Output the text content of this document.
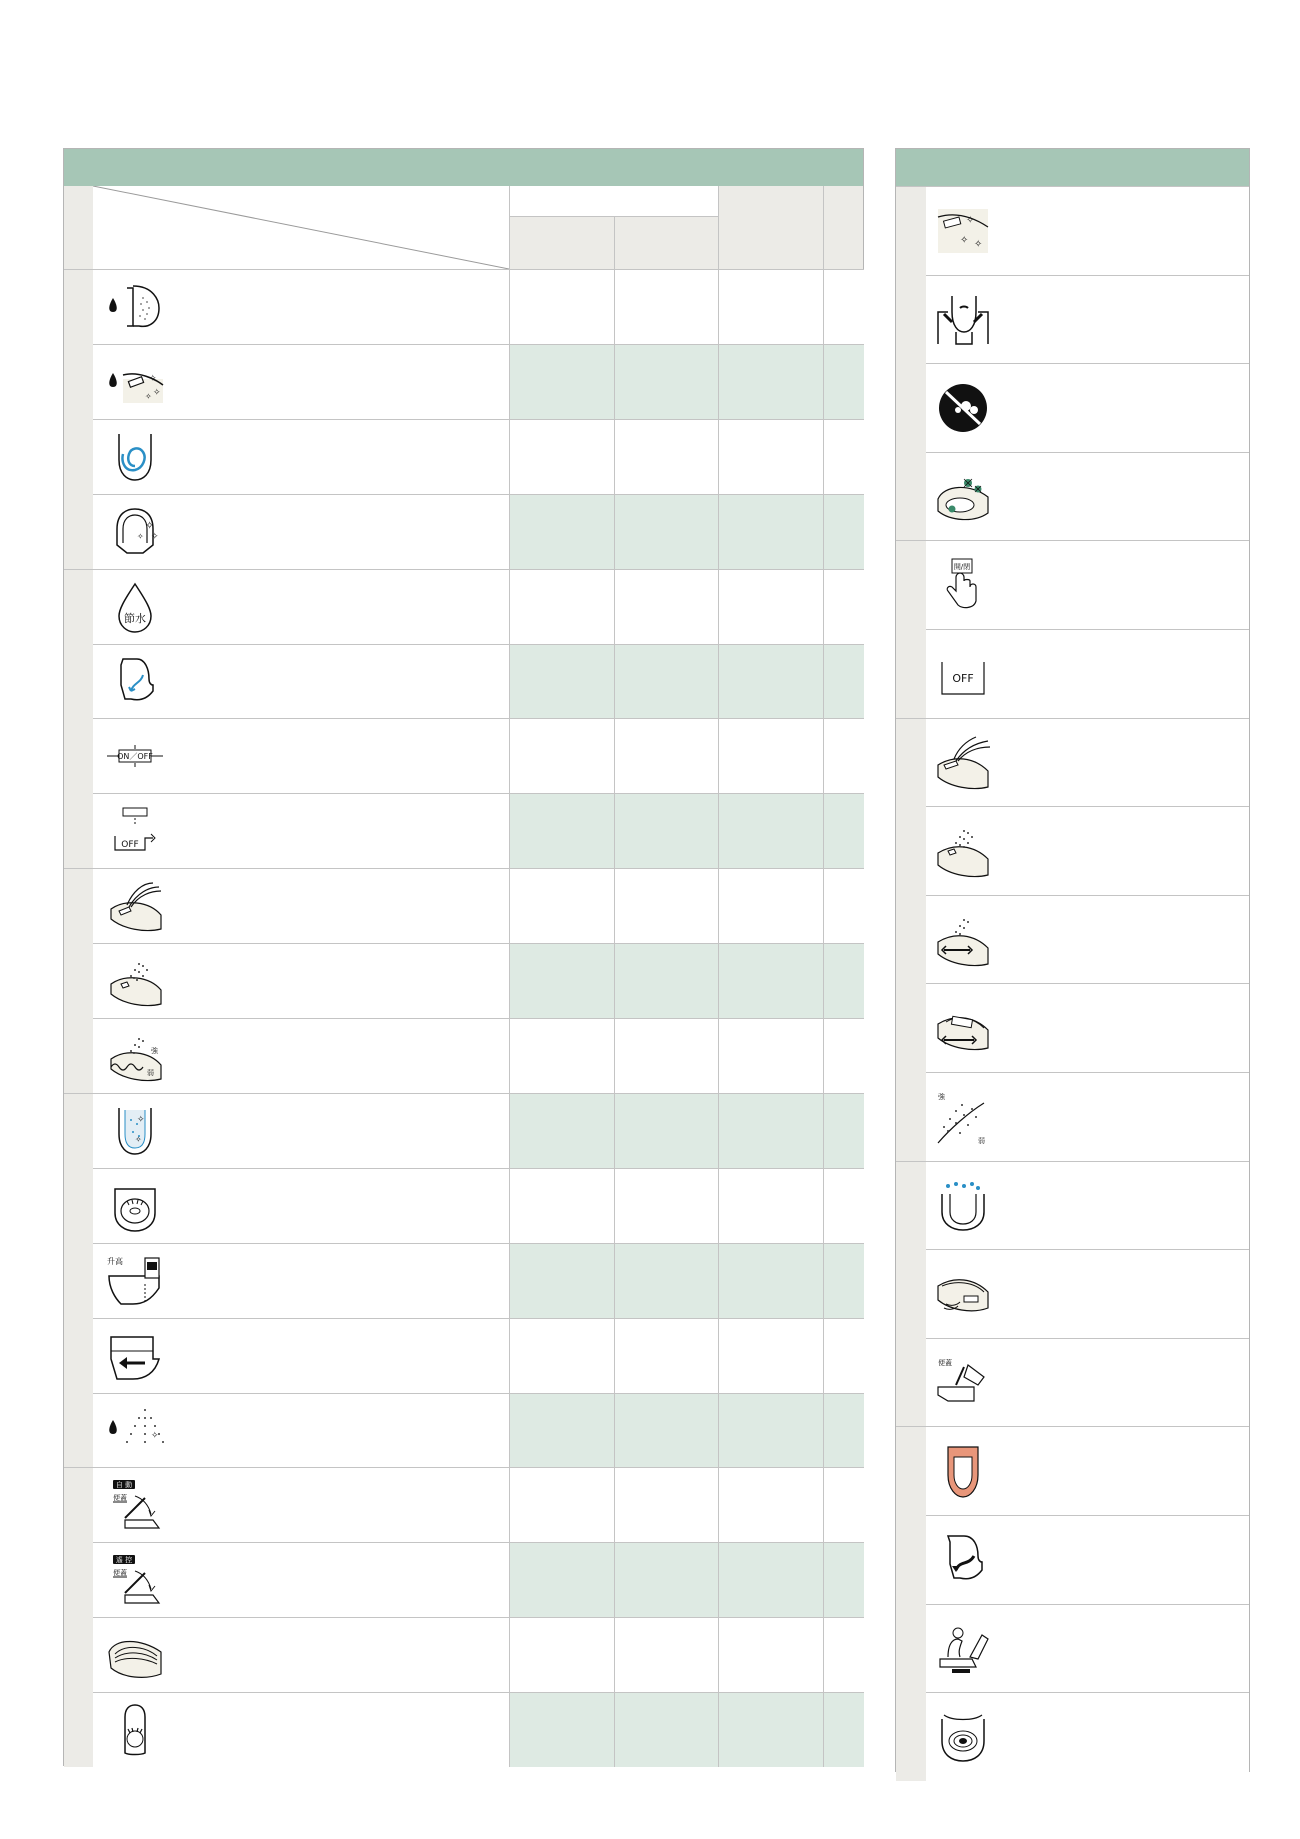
✧
✧
✧
✧
✧
✧
節水
ON／OFF
OFF
強
弱
✧
✧
升高
✧
自 動
便蓋
遙 控
便蓋
✧
✧ ✧
開/閉
OFF
強
弱
便蓋
